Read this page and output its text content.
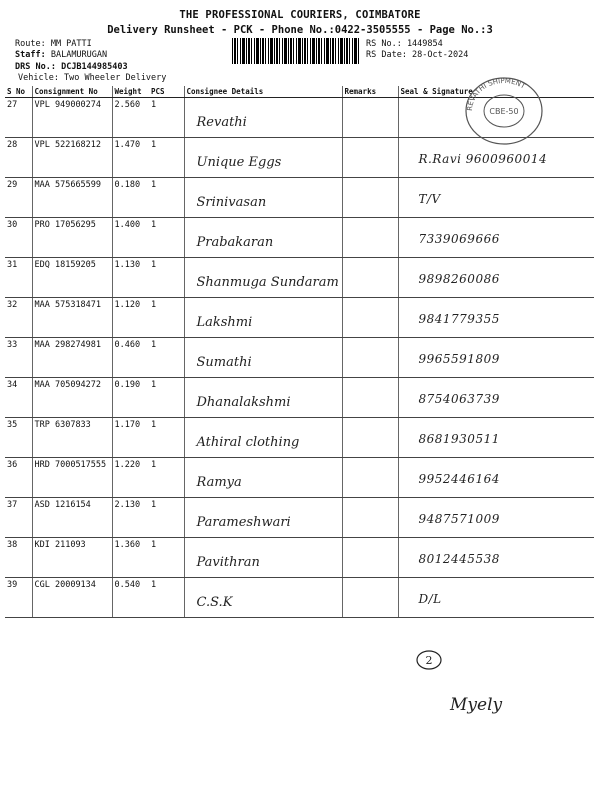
THE PROFESSIONAL COURIERS, COIMBATORE
Delivery Runsheet - PCK - Phone No.:0422-3505555 - Page No.:3
Route: MM PATTI
Staff: BALAMURUGAN
DRS No.: DCJB144985403
Vehicle: Two Wheeler Delivery
RS No.: 1449854
RS Date: 28-Oct-2024
S No	Consignment No	Weight	PCS	Consignee Details	Remarks	Seal & Signature
27	VPL 949000274	2.560	1	Revathi		

28	VPL 522168212	1.470	1	Unique Eggs		R.Ravi 9600960014

29	MAA 575665599	0.180	1	Srinivasan		T/V

30	PRO 17056295	1.400	1	Prabakaran		7339069666

31	EDQ 18159205	1.130	1	Shanmuga Sundaram		9898260086

32	MAA 575318471	1.120	1	Lakshmi		9841779355

33	MAA 298274981	0.460	1	Sumathi		9965591809

34	MAA 705094272	0.190	1	Dhanalakshmi		8754063739

35	TRP 6307833	1.170	1	Athiral clothing		8681930511

36	HRD 7000517555	1.220	1	Ramya		9952446164

37	ASD 1216154	2.130	1	Parameshwari		9487571009

38	KDI 211093	1.360	1	Pavithran		8012445538

39	CGL 20009134	0.540	1	C.S.K		D/L
REVATHI SHIPMENT
CBE-50
2
Myely
